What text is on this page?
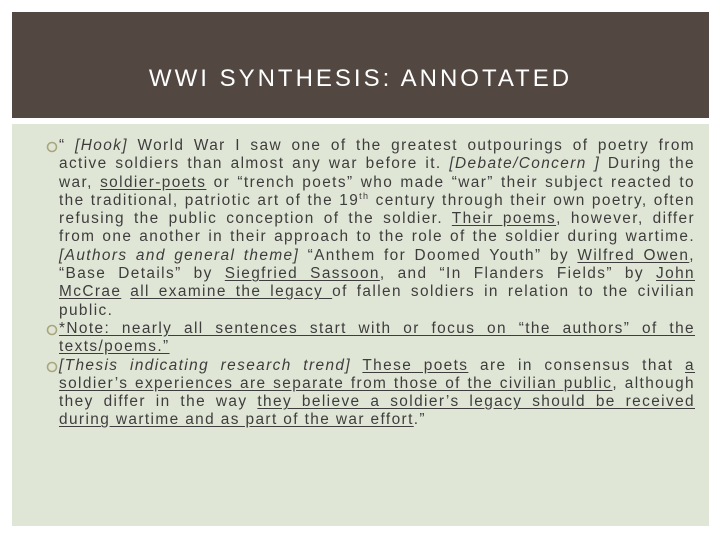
WWI SYNTHESIS: ANNOTATED
“ [Hook] World War I saw one of the greatest outpourings of poetry from active soldiers than almost any war before it. [Debate/Concern ] During the war, soldier-poets or “trench poets” who made “war” their subject reacted to the traditional, patriotic art of the 19th century through their own poetry, often refusing the public conception of the soldier. Their poems, however, differ from one another in their approach to the role of the soldier during wartime. [Authors and general theme] “Anthem for Doomed Youth” by Wilfred Owen, “Base Details” by Siegfried Sassoon, and “In Flanders Fields” by John McCrae all examine the legacy of fallen soldiers in relation to the civilian public.
*Note: nearly all sentences start with or focus on “the authors” of the texts/poems.”
[Thesis indicating research trend] These poets are in consensus that a soldier’s experiences are separate from those of the civilian public, although they differ in the way they believe a soldier’s legacy should be received during wartime and as part of the war effort.”
